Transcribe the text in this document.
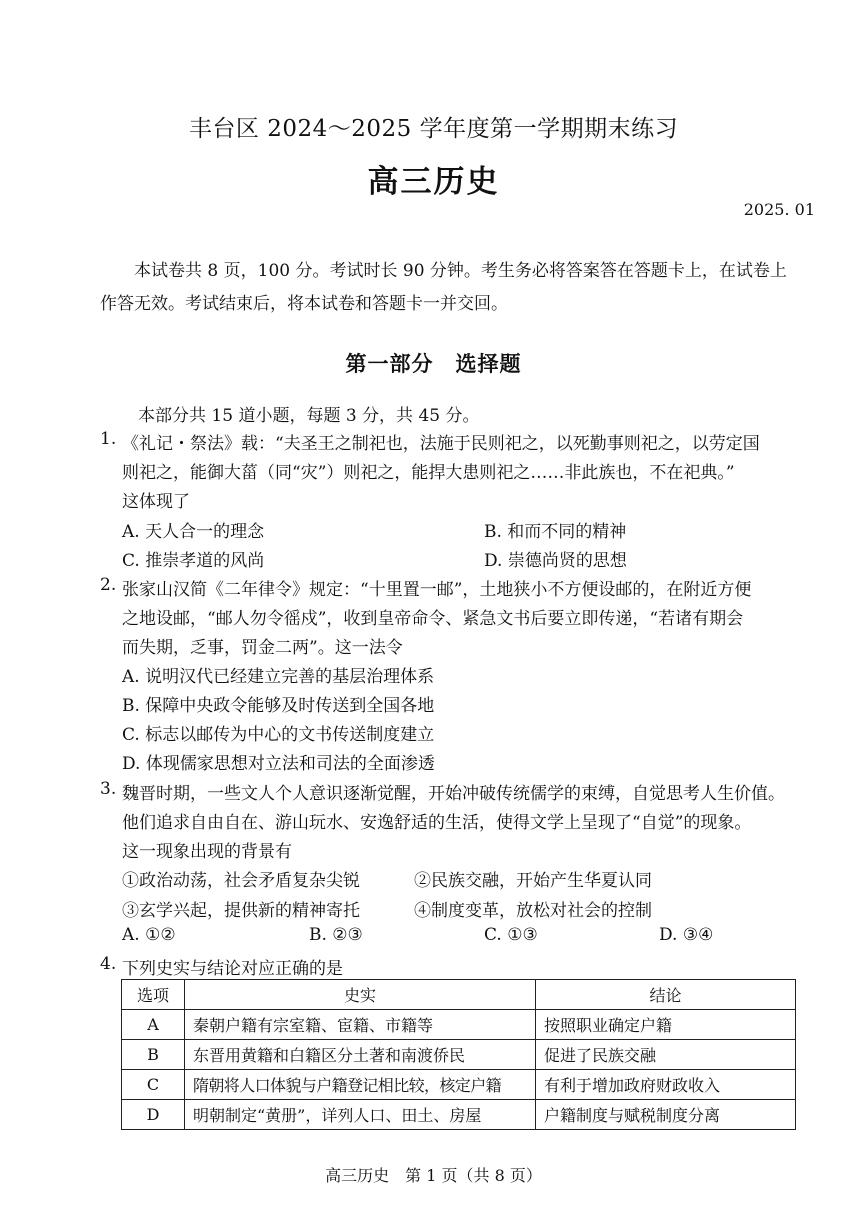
丰台区 2024～2025 学年度第一学期期末练习
高三历史
2025. 01
本试卷共 8 页，100 分。考试时长 90 分钟。考生务必将答案答在答题卡上，在试卷上作答无效。考试结束后，将本试卷和答题卡一并交回。
第一部分　选择题
本部分共 15 道小题，每题 3 分，共 45 分。
1. 《礼记・祭法》载：“夫圣王之制祀也，法施于民则祀之，以死勤事则祀之，以劳定国
则祀之，能御大菑（同“灾”）则祀之，能捍大患则祀之……非此族也，不在祀典。”
这体现了
A. 天人合一的理念	B. 和而不同的精神
C. 推崇孝道的风尚	D. 崇德尚贤的思想
2. 张家山汉简《二年律令》规定：“十里置一邮”，土地狭小不方便设邮的，在附近方便
之地设邮，“邮人勿令徭戍”，收到皇帝命令、紧急文书后要立即传递，“若诸有期会
而失期，乏事，罚金二两”。这一法令
A. 说明汉代已经建立完善的基层治理体系
B. 保障中央政令能够及时传送到全国各地
C. 标志以邮传为中心的文书传送制度建立
D. 体现儒家思想对立法和司法的全面渗透
3. 魏晋时期，一些文人个人意识逐渐觉醒，开始冲破传统儒学的束缚，自觉思考人生价值。
他们追求自由自在、游山玩水、安逸舒适的生活，使得文学上呈现了“自觉”的现象。
这一现象出现的背景有
①政治动荡，社会矛盾复杂尖锐	②民族交融，开始产生华夏认同
③玄学兴起，提供新的精神寄托	④制度变革，放松对社会的控制
A. ①②	B. ②③	C. ①③	D. ③④
4. 下列史实与结论对应正确的是
选项	史实	结论
A	秦朝户籍有宗室籍、宦籍、市籍等	按照职业确定户籍
B	东晋用黄籍和白籍区分土著和南渡侨民	促进了民族交融
C	隋朝将人口体貌与户籍登记相比较，核定户籍	有利于增加政府财政收入
D	明朝制定“黄册”，详列人口、田土、房屋	户籍制度与赋税制度分离
高三历史　第 1 页（共 8 页）
